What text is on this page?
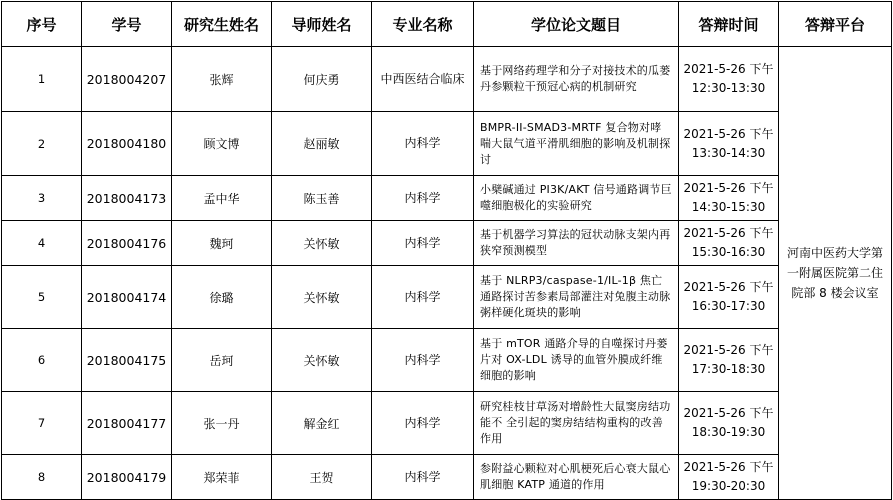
序号	学号	研究生姓名	导师姓名	专业名称	学位论文题目	答辩时间	答辩平台
1	2018004207	张辉	何庆勇	中西医结合临床	基于网络药理学和分子对接技术的瓜蒌丹参颗粒干预冠心病的机制研究	2021-5-26 下午 12:30-13:30	河南中医药大学第一附属医院第二住院部 8 楼会议室
2	2018004180	顾文博	赵丽敏	内科学	BMPR-II-SMAD3-MRTF 复合物对哮喘大鼠气道平滑肌细胞的影响及机制探讨	2021-5-26 下午 13:30-14:30	
3	2018004173	孟中华	陈玉善	内科学	小檗碱通过 PI3K/AKT 信号通路调节巨噬细胞极化的实验研究	2021-5-26 下午 14:30-15:30	
4	2018004176	魏珂	关怀敏	内科学	基于机器学习算法的冠状动脉支架内再狭窄预测模型	2021-5-26 下午 15:30-16:30	
5	2018004174	徐璐	关怀敏	内科学	基于 NLRP3/caspase-1/IL-1β 焦亡通路探讨苦参素局部灌注对兔腹主动脉粥样硬化斑块的影响	2021-5-26 下午 16:30-17:30	
6	2018004175	岳珂	关怀敏	内科学	基于 mTOR 通路介导的自噬探讨丹蒌片对 OX-LDL 诱导的血管外膜成纤维细胞的影响	2021-5-26 下午 17:30-18:30	
7	2018004177	张一丹	解金红	内科学	研究桂枝甘草汤对增龄性大鼠窦房结功能不 全引起的窦房结结构重构的改善作用	2021-5-26 下午 18:30-19:30	
8	2018004179	郑荣菲	王贺	内科学	参附益心颗粒对心肌梗死后心衰大鼠心肌细胞 KATP 通道的作用	2021-5-26 下午 19:30-20:30	
